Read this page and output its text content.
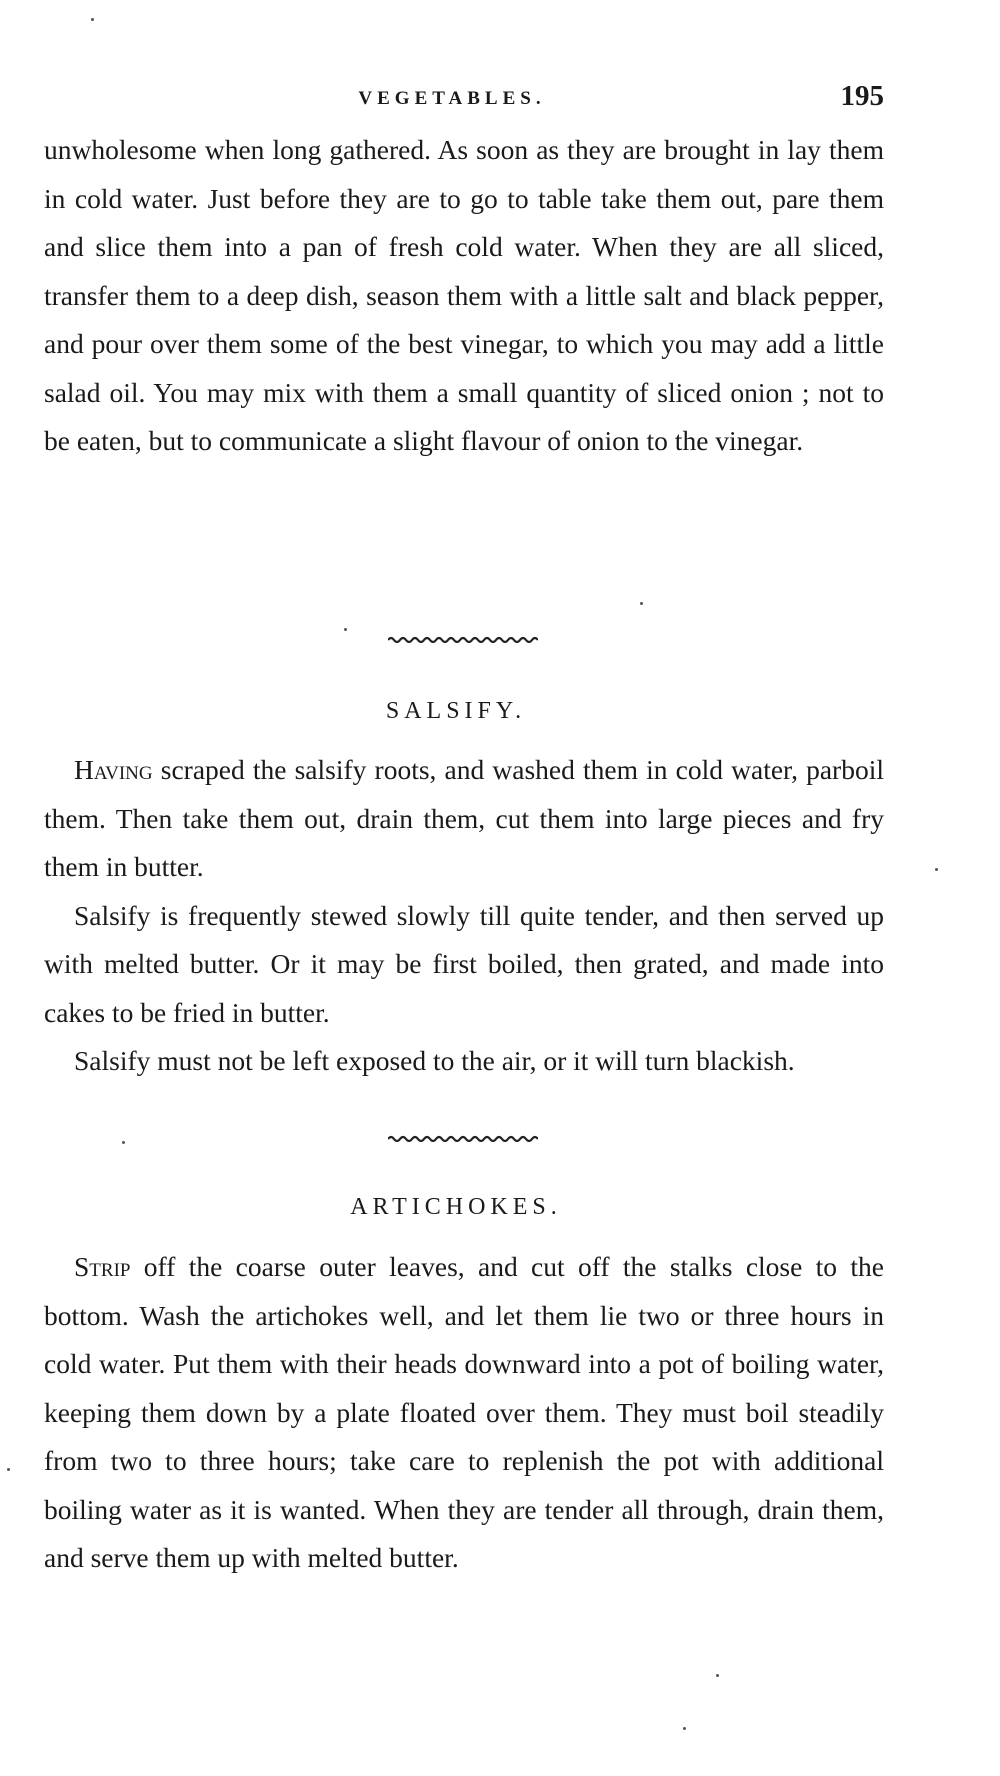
VEGETABLES.	195

unwholesome when long gathered. As soon as they are brought in lay them in cold water. Just before they are to go to table take them out, pare them and slice them into a pan of fresh cold water. When they are all sliced, transfer them to a deep dish, season them with a little salt and black pepper, and pour over them some of the best vinegar, to which you may add a little salad oil. You may mix with them a small quantity of sliced onion ; not to be eaten, but to communicate a slight flavour of onion to the vinegar.

SALSIFY.

Having scraped the salsify roots, and washed them in cold water, parboil them. Then take them out, drain them, cut them into large pieces and fry them in butter.

Salsify is frequently stewed slowly till quite tender, and then served up with melted butter. Or it may be first boiled, then grated, and made into cakes to be fried in butter.

Salsify must not be left exposed to the air, or it will turn blackish.

ARTICHOKES.

Strip off the coarse outer leaves, and cut off the stalks close to the bottom. Wash the artichokes well, and let them lie two or three hours in cold water. Put them with their heads downward into a pot of boiling water, keeping them down by a plate floated over them. They must boil steadily from two to three hours; take care to replenish the pot with additional boiling water as it is wanted. When they are tender all through, drain them, and serve them up with melted butter.
